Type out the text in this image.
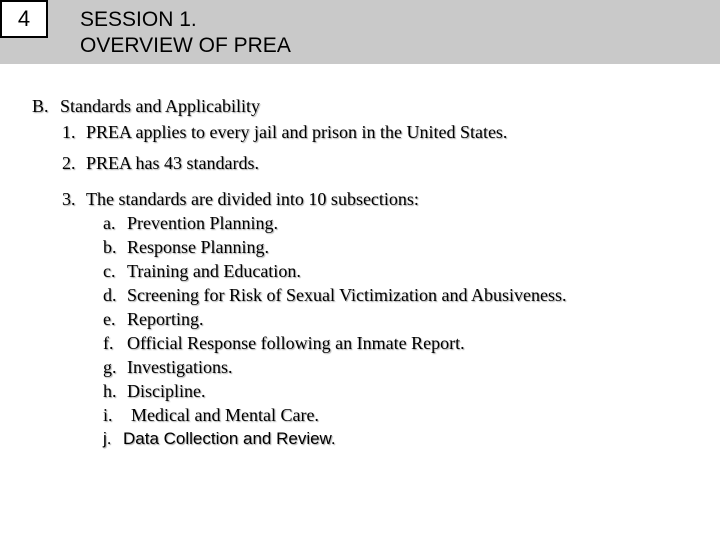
4	SESSION 1.
OVERVIEW OF PREA
B. Standards and Applicability
1. PREA applies to every jail and prison in the United States.
2. PREA has 43 standards.
3. The standards are divided into 10 subsections:
a. Prevention Planning.
b. Response Planning.
c. Training and Education.
d. Screening for Risk of Sexual Victimization and Abusiveness.
e. Reporting.
f. Official Response following an Inmate Report.
g. Investigations.
h. Discipline.
i. Medical and Mental Care.
j. Data Collection and Review.
